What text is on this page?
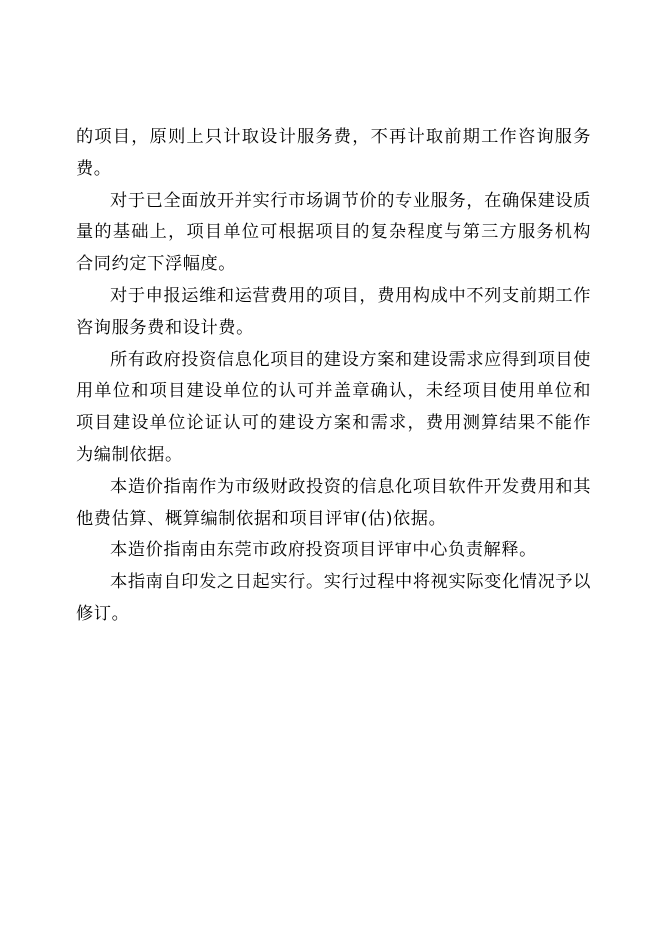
的项目，原则上只计取设计服务费，不再计取前期工作咨询服务费。

对于已全面放开并实行市场调节价的专业服务，在确保建设质量的基础上，项目单位可根据项目的复杂程度与第三方服务机构合同约定下浮幅度。

对于申报运维和运营费用的项目，费用构成中不列支前期工作咨询服务费和设计费。

所有政府投资信息化项目的建设方案和建设需求应得到项目使用单位和项目建设单位的认可并盖章确认，未经项目使用单位和项目建设单位论证认可的建设方案和需求，费用测算结果不能作为编制依据。

本造价指南作为市级财政投资的信息化项目软件开发费用和其他费估算、概算编制依据和项目评审(估)依据。

本造价指南由东莞市政府投资项目评审中心负责解释。

本指南自印发之日起实行。实行过程中将视实际变化情况予以修订。
